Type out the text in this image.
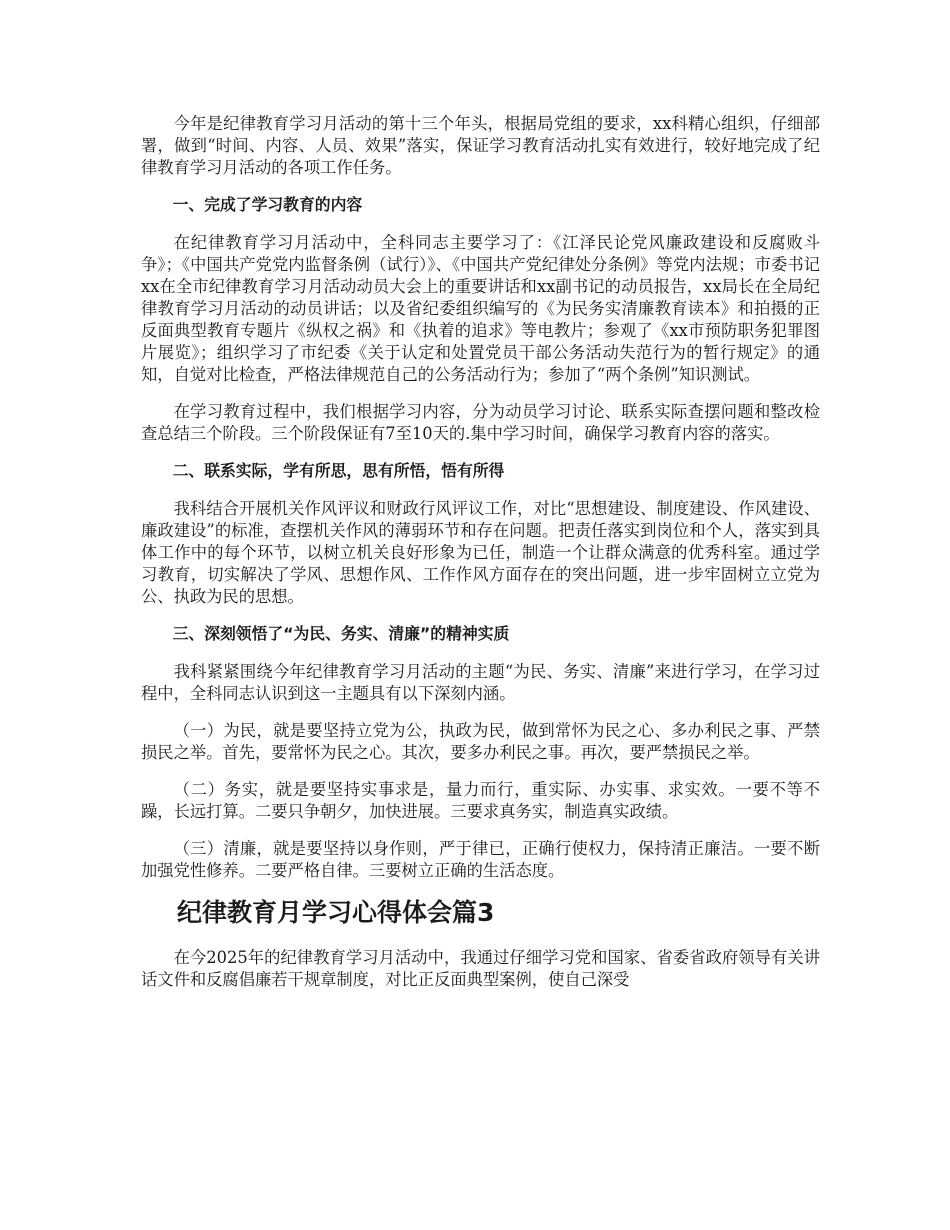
今年是纪律教育学习月活动的第十三个年头，根据局党组的要求，xx科精心组织，仔细部署，做到“时间、内容、人员、效果”落实，保证学习教育活动扎实有效进行，较好地完成了纪律教育学习月活动的各项工作任务。

一、完成了学习教育的内容

在纪律教育学习月活动中，全科同志主要学习了：《江泽民论党风廉政建设和反腐败斗争》；《中国共产党党内监督条例（试行）》、《中国共产党纪律处分条例》等党内法规；市委书记xx在全市纪律教育学习月活动动员大会上的重要讲话和xx副书记的动员报告，xx局长在全局纪律教育学习月活动的动员讲话；以及省纪委组织编写的《为民务实清廉教育读本》和拍摄的正反面典型教育专题片《纵权之祸》和《执着的追求》等电教片；参观了《xx市预防职务犯罪图片展览》；组织学习了市纪委《关于认定和处置党员干部公务活动失范行为的暂行规定》的通知，自觉对比检查，严格法律规范自己的公务活动行为；参加了“两个条例”知识测试。

在学习教育过程中，我们根据学习内容，分为动员学习讨论、联系实际查摆问题和整改检查总结三个阶段。三个阶段保证有7至10天的.集中学习时间，确保学习教育内容的落实。

二、联系实际，学有所思，思有所悟，悟有所得

我科结合开展机关作风评议和财政行风评议工作，对比“思想建设、制度建设、作风建设、廉政建设”的标准，查摆机关作风的薄弱环节和存在问题。把责任落实到岗位和个人，落实到具体工作中的每个环节，以树立机关良好形象为已任，制造一个让群众满意的优秀科室。通过学习教育，切实解决了学风、思想作风、工作作风方面存在的突出问题，进一步牢固树立立党为公、执政为民的思想。

三、深刻领悟了“为民、务实、清廉”的精神实质

我科紧紧围绕今年纪律教育学习月活动的主题“为民、务实、清廉”来进行学习，在学习过程中，全科同志认识到这一主题具有以下深刻内涵。

（一）为民，就是要坚持立党为公，执政为民，做到常怀为民之心、多办利民之事、严禁损民之举。首先，要常怀为民之心。其次，要多办利民之事。再次，要严禁损民之举。

（二）务实，就是要坚持实事求是，量力而行，重实际、办实事、求实效。一要不等不躁，长远打算。二要只争朝夕，加快进展。三要求真务实，制造真实政绩。

（三）清廉，就是要坚持以身作则，严于律已，正确行使权力，保持清正廉洁。一要不断加强党性修养。二要严格自律。三要树立正确的生活态度。

纪律教育月学习心得体会篇3

在今2025年的纪律教育学习月活动中，我通过仔细学习党和国家、省委省政府领导有关讲话文件和反腐倡廉若干规章制度，对比正反面典型案例，使自己深受
